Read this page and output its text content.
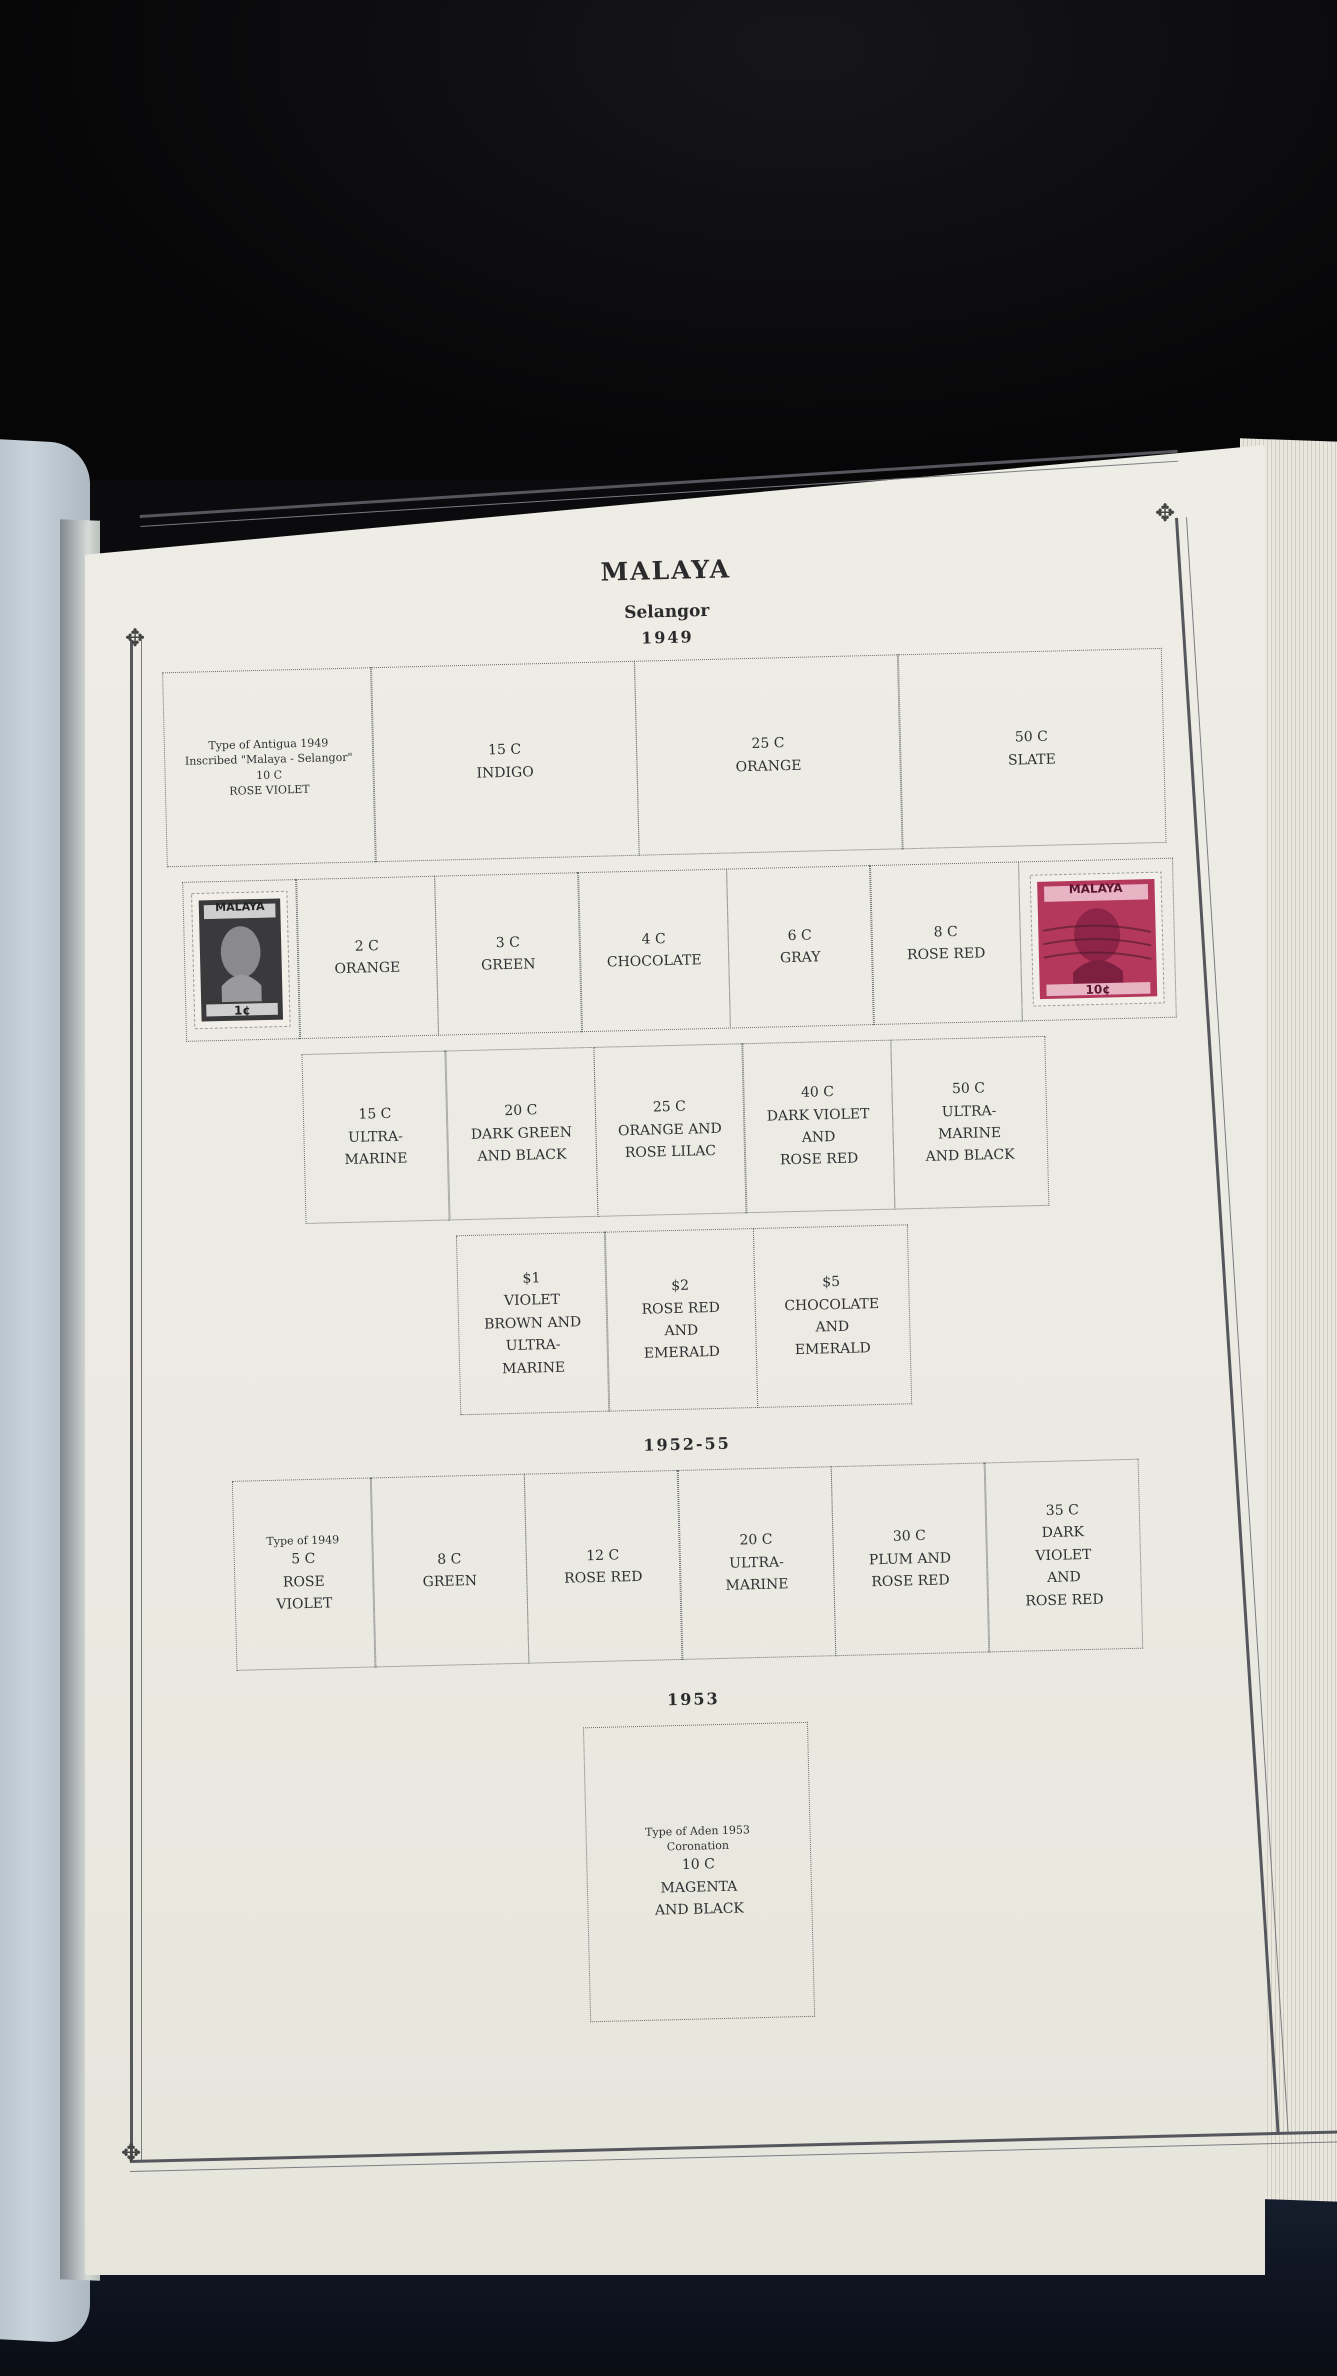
✥
✥
✥
MALAYA
Selangor
1949
Type of Antigua 1949
Inscribed "Malaya - Selangor"
10 C
ROSE VIOLET
15 C
INDIGO
25 C
ORANGE
50 C
SLATE
MALAYA
1¢
2 C
ORANGE
3 C
GREEN
4 C
CHOCOLATE
6 C
GRAY
8 C
ROSE RED
MALAYA
10¢
15 C
ULTRA-
MARINE
20 C
DARK GREEN
AND BLACK
25 C
ORANGE AND
ROSE LILAC
40 C
DARK VIOLET
AND
ROSE RED
50 C
ULTRA-
MARINE
AND BLACK
$1
VIOLET
BROWN AND
ULTRA-
MARINE
$2
ROSE RED
AND
EMERALD
$5
CHOCOLATE
AND
EMERALD
1952-55
Type of 1949
5 C
ROSE
VIOLET
8 C
GREEN
12 C
ROSE RED
20 C
ULTRA-
MARINE
30 C
PLUM AND
ROSE RED
35 C
DARK
VIOLET
AND
ROSE RED
1953
Type of Aden 1953
Coronation
10 C
MAGENTA
AND BLACK
